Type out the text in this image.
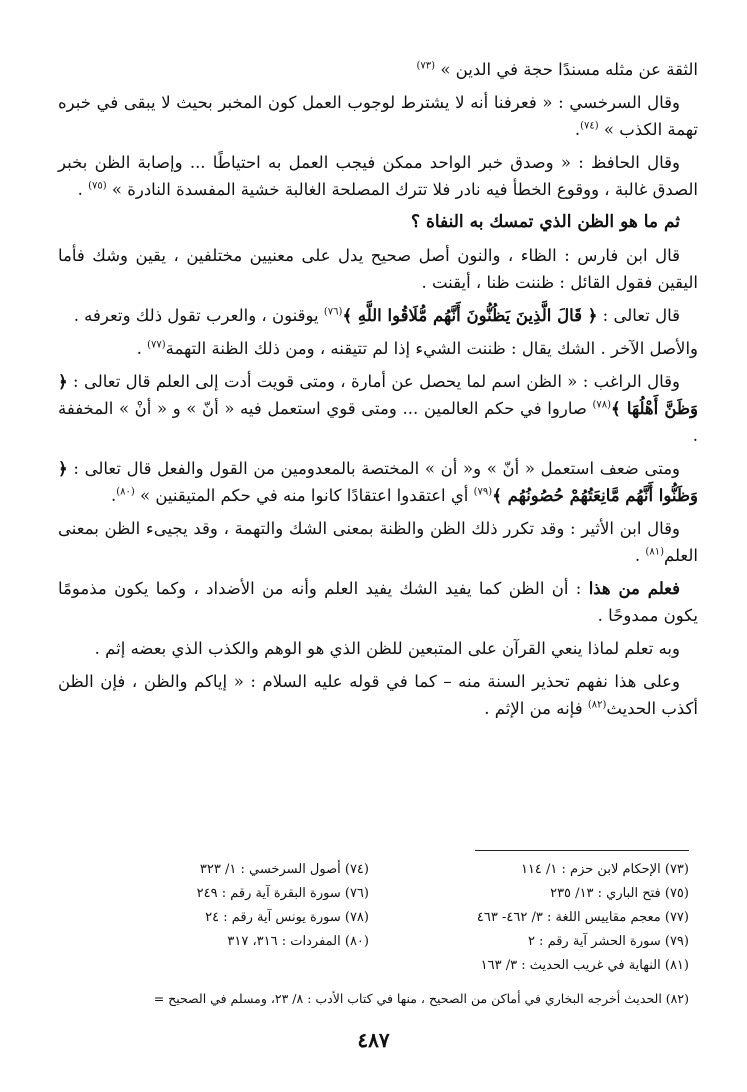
الثقة عن مثله مسندًا حجة في الدين » $^{(٧٣)}$

وقال السرخسي : « فعرفنا أنه لا يشترط لوجوب العمل كون المخبر بحيث لا يبقى في خبره تهمة الكذب » $^{(٧٤)}$.

وقال الحافظ : « وصدق خبر الواحد ممكن فيجب العمل به احتياطًا ... وإصابة الظن بخبر الصدق غالبة ، ووقوع الخطأ فيه نادر فلا تترك المصلحة الغالبة خشية المفسدة النادرة » $^{(٧٥)}$ .

ثم ما هو الظن الذي تمسك به النفاة ؟

قال ابن فارس : الظاء ، والنون أصل صحيح يدل على معنيين مختلفين ، يقين وشك فأما اليقين فقول القائل : ظننت ظنا ، أيقنت .

قال تعالى : ﴿ قَالَ الَّذِينَ يَظُنُّونَ أَنَّهُم مُّلَاقُوا اللَّهِ ﴾$^{(٧٦)}$ يوقنون ، والعرب تقول ذلك وتعرفه .

والأصل الآخر . الشك يقال : ظننت الشيء إذا لم تتيقنه ، ومن ذلك الظنة التهمة$^{(٧٧)}$ .

وقال الراغب : « الظن اسم لما يحصل عن أمارة ، ومتى قويت أدت إلى العلم قال تعالى : ﴿ وَظَنَّ أَهْلُهَا ﴾$^{(٧٨)}$ صاروا في حكم العالمين ... ومتى قوي استعمل فيه « أنّ » و « أنْ » المخففة .

ومتى ضعف استعمل « أنّ » و« أن » المختصة بالمعدومين من القول والفعل قال تعالى : ﴿ وَظَنُّوا أَنَّهُم مَّانِعَتُهُمْ حُصُونُهُم ﴾$^{(٧٩)}$ أي اعتقدوا اعتقادًا كانوا منه في حكم المتيقنين » $^{(٨٠)}$.

وقال ابن الأثير : وقد تكرر ذلك الظن والظنة بمعنى الشك والتهمة ، وقد يجيىء الظن بمعنى العلم$^{(٨١)}$ .

فعلم من هذا : أن الظن كما يفيد الشك يفيد العلم وأنه من الأضداد ، وكما يكون مذمومًا يكون ممدوحًا .

وبه تعلم لماذا ينعي القرآن على المتبعين للظن الذي هو الوهم والكذب الذي بعضه إثم .

وعلى هذا نفهم تحذير السنة منه – كما في قوله عليه السلام : « إياكم والظن ، فإن الظن أكذب الحديث$^{(٨٢)}$ فإنه من الإثم .

(٧٣) الإحكام لابن حزم : ١/ ١١٤
(٧٤) أصول السرخسي : ١/ ٣٢٣
(٧٥) فتح الباري : ١٣/ ٢٣٥
(٧٦) سورة البقرة آية رقم : ٢٤٩
(٧٧) معجم مقاييس اللغة : ٣/ ٤٦٢- ٤٦٣
(٧٨) سورة يونس آية رقم : ٢٤
(٧٩) سورة الحشر آية رقم : ٢
(٨٠) المفردات : ٣١٦، ٣١٧
(٨١) النهاية في غريب الحديث : ٣/ ١٦٣
(٨٢) الحديث أخرجه البخاري في أماكن من الصحيح ، منها في كتاب الأدب : ٨/ ٢٣، ومسلم في الصحيح =
٤٨٧
